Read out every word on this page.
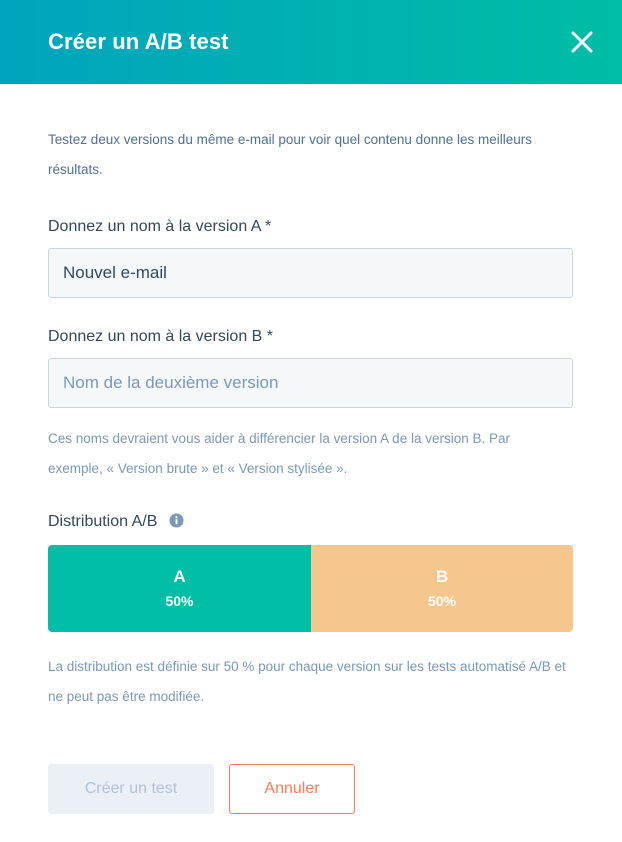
Créer un A/B test
Testez deux versions du même e-mail pour voir quel contenu donne les meilleurs résultats.
Donnez un nom à la version A *
Nouvel e-mail
Donnez un nom à la version B *
Nom de la deuxième version
Ces noms devraient vous aider à différencier la version A de la version B. Par exemple, « Version brute » et « Version stylisée ».
Distribution A/B
A
50%
B
50%
La distribution est définie sur 50 % pour chaque version sur les tests automatisé A/B et ne peut pas être modifiée.
Créer un test	Annuler
